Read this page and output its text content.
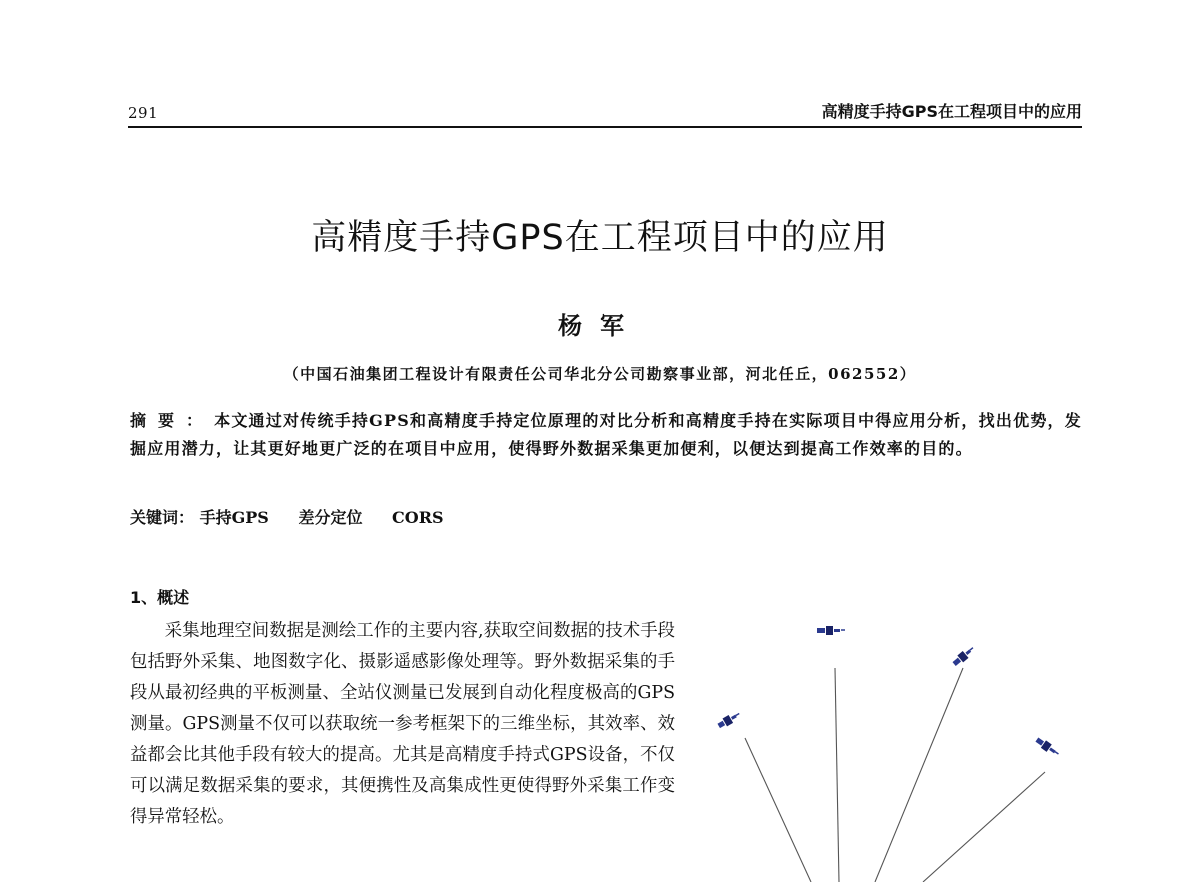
291	高精度手持GPS在工程项目中的应用
高精度手持GPS在工程项目中的应用
杨军
（中国石油集团工程设计有限责任公司华北分公司勘察事业部，河北任丘，062552）
摘要：本文通过对传统手持GPS和高精度手持定位原理的对比分析和高精度手持在实际项目中得应用分析，找出优势，发掘应用潜力，让其更好地更广泛的在项目中应用，使得野外数据采集更加便利，以便达到提高工作效率的目的。
关键词： 手持GPS 差分定位 CORS
1、概述

采集地理空间数据是测绘工作的主要内容,获取空间数据的技术手段包括野外采集、地图数字化、摄影遥感影像处理等。野外数据采集的手段从最初经典的平板测量、全站仪测量已发展到自动化程度极高的GPS测量。GPS测量不仅可以获取统一参考框架下的三维坐标，其效率、效益都会比其他手段有较大的提高。尤其是高精度手持式GPS设备，不仅可以满足数据采集的要求，其便携性及高集成性更使得野外采集工作变得异常轻松。
